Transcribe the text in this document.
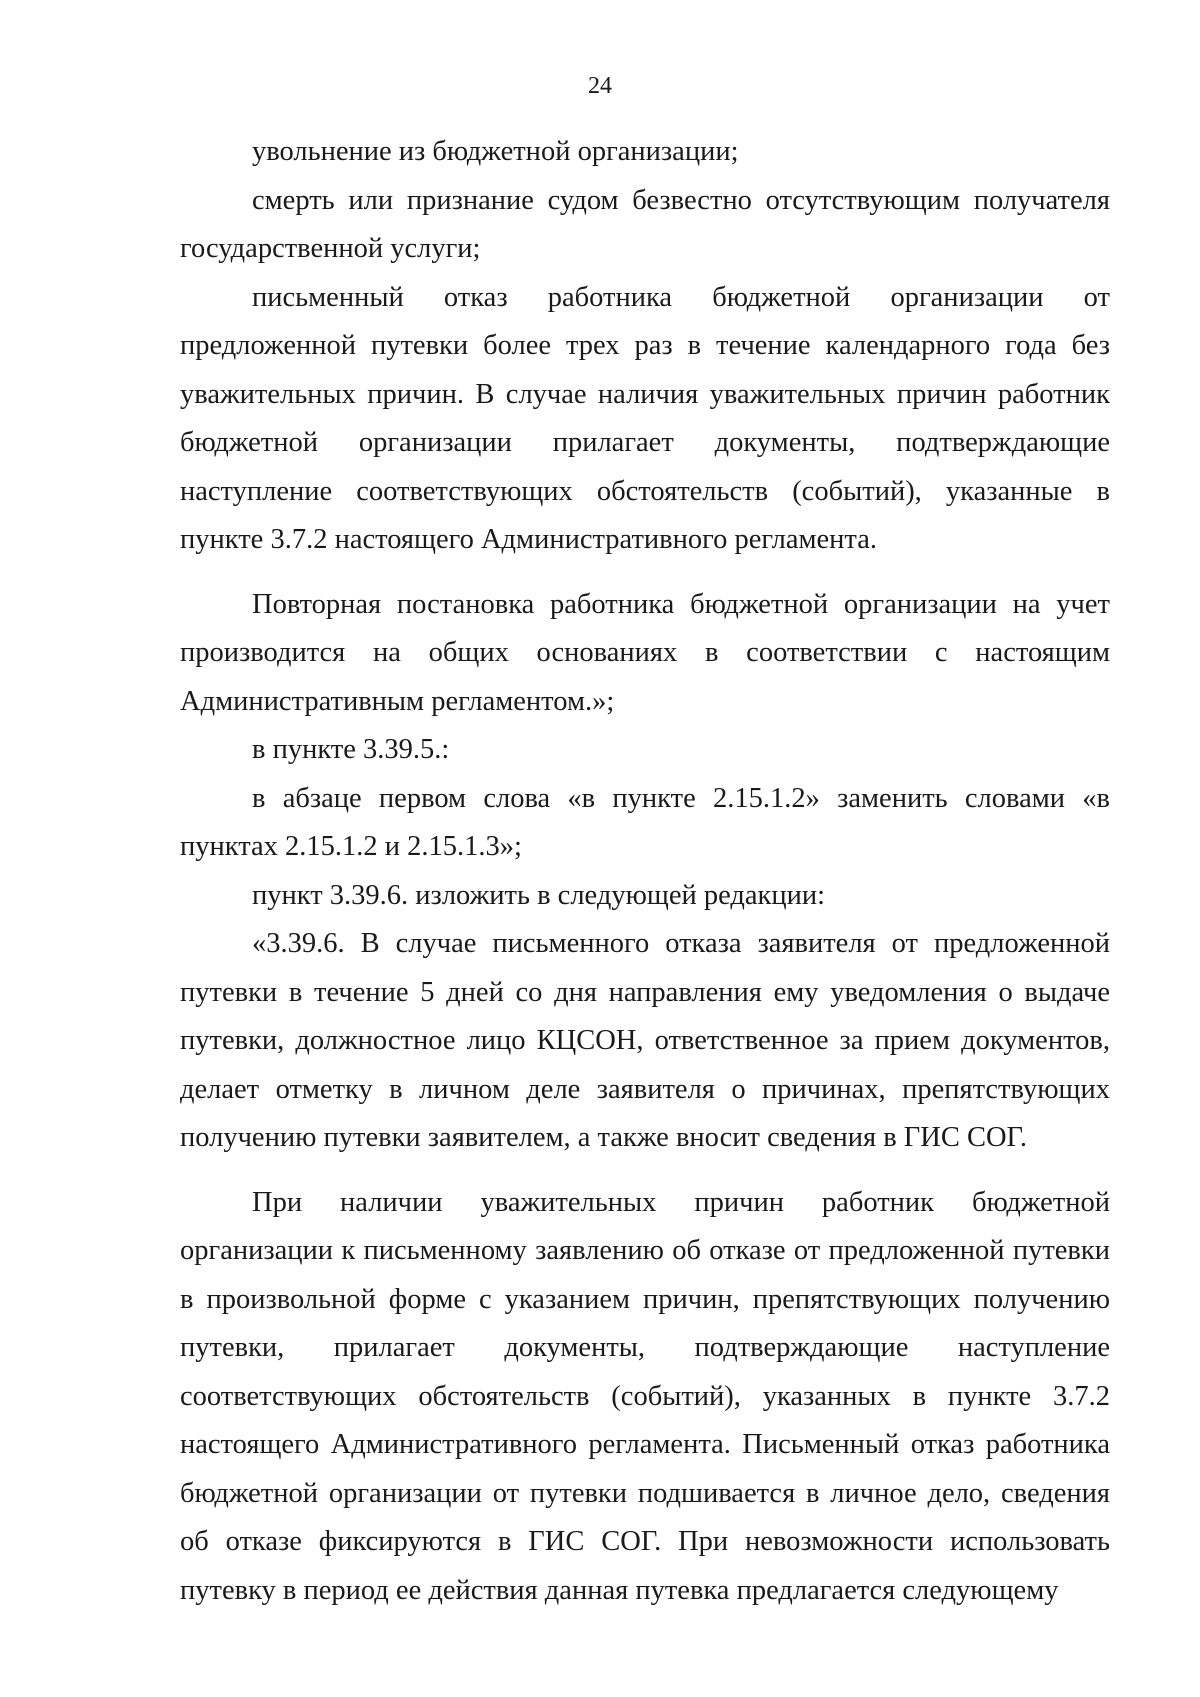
24

увольнение из бюджетной организации;

смерть или признание судом безвестно отсутствующим получателя государственной услуги;

письменный отказ работника бюджетной организации от предложенной путевки более трех раз в течение календарного года без уважительных причин. В случае наличия уважительных причин работник бюджетной организации прилагает документы, подтверждающие наступление соответствующих обстоятельств (событий), указанные в пункте 3.7.2 настоящего Административного регламента.

Повторная постановка работника бюджетной организации на учет производится на общих основаниях в соответствии с настоящим Административным регламентом.»;

в пункте 3.39.5.:

в абзаце первом слова «в пункте 2.15.1.2» заменить словами «в пунктах 2.15.1.2 и 2.15.1.3»;

пункт 3.39.6. изложить в следующей редакции:

«3.39.6. В случае письменного отказа заявителя от предложенной путевки в течение 5 дней со дня направления ему уведомления о выдаче путевки, должностное лицо КЦСОН, ответственное за прием документов, делает отметку в личном деле заявителя о причинах, препятствующих получению путевки заявителем, а также вносит сведения в ГИС СОГ.

При наличии уважительных причин работник бюджетной организации к письменному заявлению об отказе от предложенной путевки в произвольной форме с указанием причин, препятствующих получению путевки, прилагает документы, подтверждающие наступление соответствующих обстоятельств (событий), указанных в пункте 3.7.2 настоящего Административного регламента. Письменный отказ работника бюджетной организации от путевки подшивается в личное дело, сведения об отказе фиксируются в ГИС СОГ. При невозможности использовать путевку в период ее действия данная путевка предлагается следующему
